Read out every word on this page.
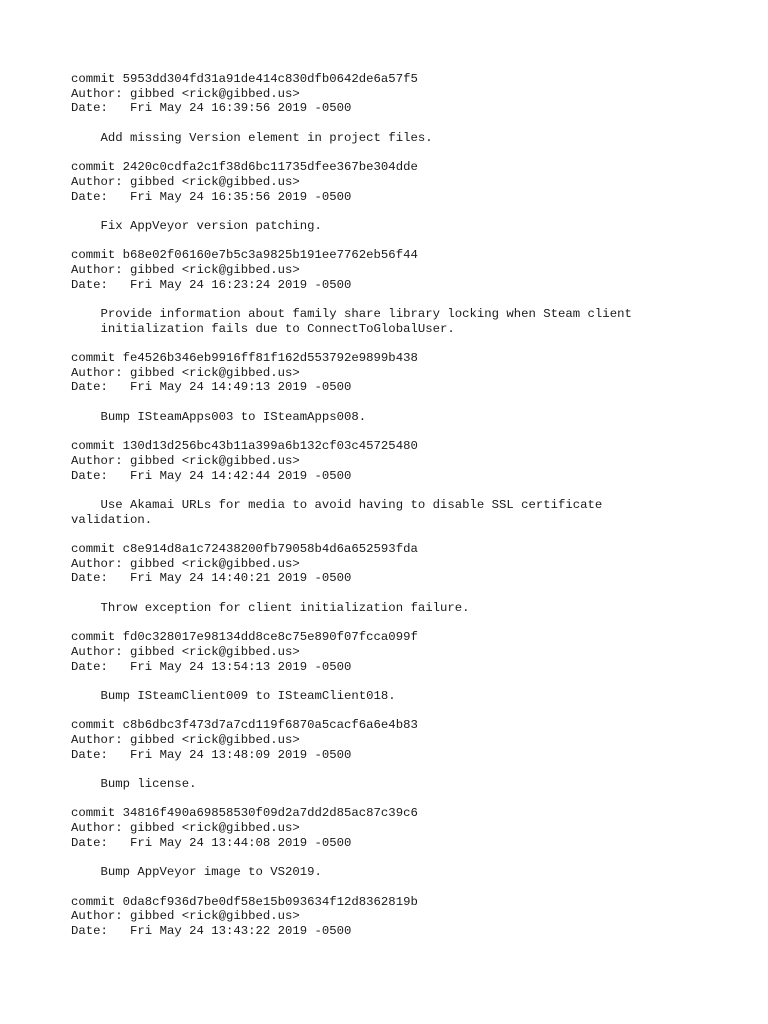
commit 5953dd304fd31a91de414c830dfb0642de6a57f5
Author: gibbed <rick@gibbed.us>
Date:   Fri May 24 16:39:56 2019 -0500
Add missing Version element in project files.
commit 2420c0cdfa2c1f38d6bc11735dfee367be304dde
Author: gibbed <rick@gibbed.us>
Date:   Fri May 24 16:35:56 2019 -0500
Fix AppVeyor version patching.
commit b68e02f06160e7b5c3a9825b191ee7762eb56f44
Author: gibbed <rick@gibbed.us>
Date:   Fri May 24 16:23:24 2019 -0500
Provide information about family share library locking when Steam client
initialization fails due to ConnectToGlobalUser.
commit fe4526b346eb9916ff81f162d553792e9899b438
Author: gibbed <rick@gibbed.us>
Date:   Fri May 24 14:49:13 2019 -0500
Bump ISteamApps003 to ISteamApps008.
commit 130d13d256bc43b11a399a6b132cf03c45725480
Author: gibbed <rick@gibbed.us>
Date:   Fri May 24 14:42:44 2019 -0500
Use Akamai URLs for media to avoid having to disable SSL certificate
validation.
commit c8e914d8a1c72438200fb79058b4d6a652593fda
Author: gibbed <rick@gibbed.us>
Date:   Fri May 24 14:40:21 2019 -0500
Throw exception for client initialization failure.
commit fd0c328017e98134dd8ce8c75e890f07fcca099f
Author: gibbed <rick@gibbed.us>
Date:   Fri May 24 13:54:13 2019 -0500
Bump ISteamClient009 to ISteamClient018.
commit c8b6dbc3f473d7a7cd119f6870a5cacf6a6e4b83
Author: gibbed <rick@gibbed.us>
Date:   Fri May 24 13:48:09 2019 -0500
Bump license.
commit 34816f490a69858530f09d2a7dd2d85ac87c39c6
Author: gibbed <rick@gibbed.us>
Date:   Fri May 24 13:44:08 2019 -0500
Bump AppVeyor image to VS2019.
commit 0da8cf936d7be0df58e15b093634f12d8362819b
Author: gibbed <rick@gibbed.us>
Date:   Fri May 24 13:43:22 2019 -0500
